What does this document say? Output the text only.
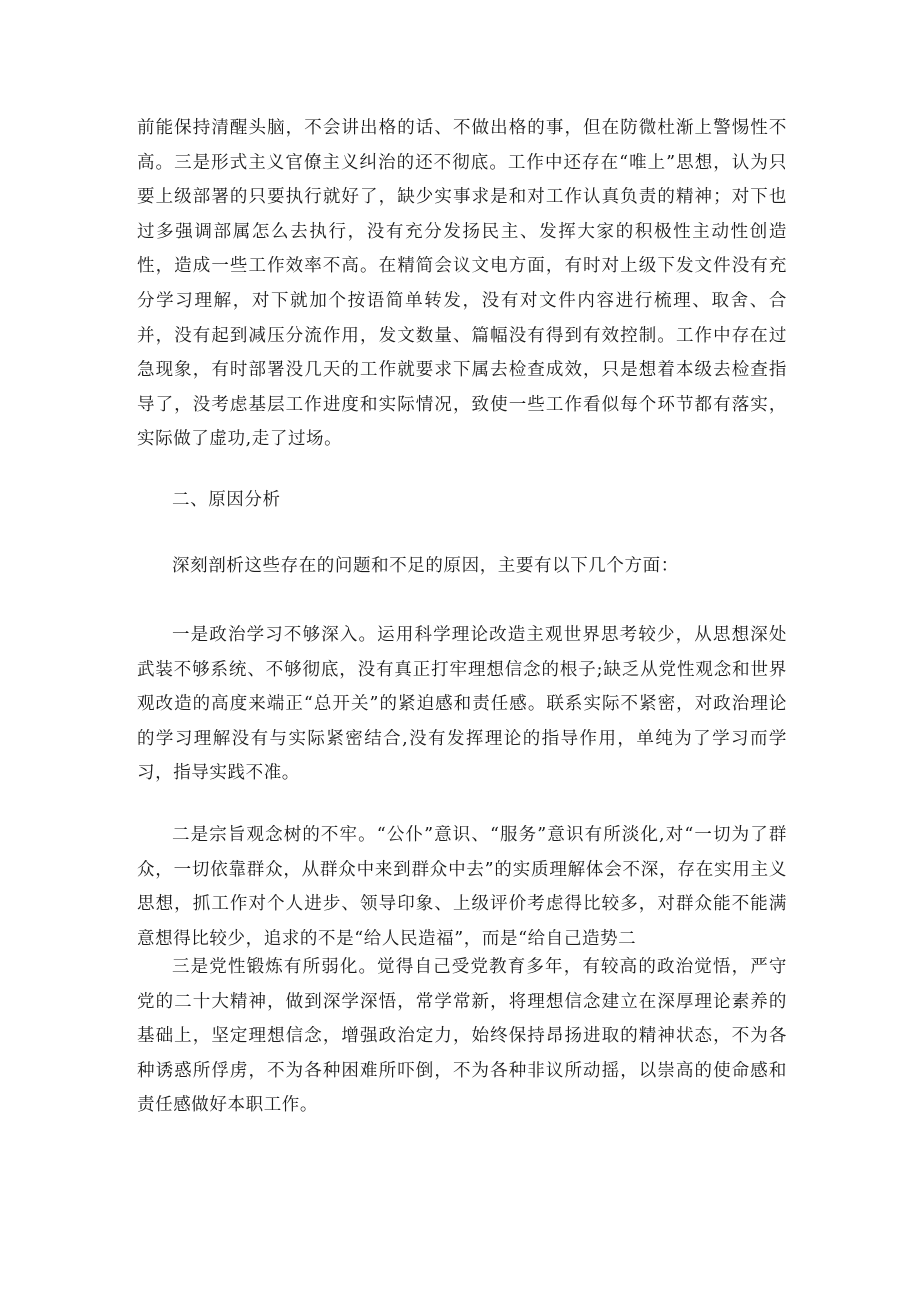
前能保持清醒头脑，不会讲出格的话、不做出格的事，但在防微杜渐上警惕性不高。三是形式主义官僚主义纠治的还不彻底。工作中还存在“唯上”思想，认为只要上级部署的只要执行就好了，缺少实事求是和对工作认真负责的精神；对下也过多强调部属怎么去执行，没有充分发扬民主、发挥大家的积极性主动性创造性，造成一些工作效率不高。在精简会议文电方面，有时对上级下发文件没有充分学习理解，对下就加个按语简单转发，没有对文件内容进行梳理、取舍、合并，没有起到减压分流作用，发文数量、篇幅没有得到有效控制。工作中存在过急现象，有时部署没几天的工作就要求下属去检查成效，只是想着本级去检查指导了，没考虑基层工作进度和实际情况，致使一些工作看似每个环节都有落实，实际做了虚功,走了过场。

二、原因分析

深刻剖析这些存在的问题和不足的原因，主要有以下几个方面：

一是政治学习不够深入。运用科学理论改造主观世界思考较少，从思想深处武装不够系统、不够彻底，没有真正打牢理想信念的根子;缺乏从党性观念和世界观改造的高度来端正“总开关”的紧迫感和责任感。联系实际不紧密，对政治理论的学习理解没有与实际紧密结合,没有发挥理论的指导作用，单纯为了学习而学习，指导实践不准。

二是宗旨观念树的不牢。“公仆”意识、“服务”意识有所淡化,对“一切为了群众，一切依靠群众，从群众中来到群众中去”的实质理解体会不深，存在实用主义思想，抓工作对个人进步、领导印象、上级评价考虑得比较多，对群众能不能满意想得比较少，追求的不是“给人民造福”，而是“给自己造势二

三是党性锻炼有所弱化。觉得自己受党教育多年，有较高的政治觉悟，严守党的二十大精神，做到深学深悟，常学常新，将理想信念建立在深厚理论素养的基础上，坚定理想信念，增强政治定力，始终保持昂扬进取的精神状态，不为各种诱惑所俘虏，不为各种困难所吓倒，不为各种非议所动摇，以崇高的使命感和责任感做好本职工作。
